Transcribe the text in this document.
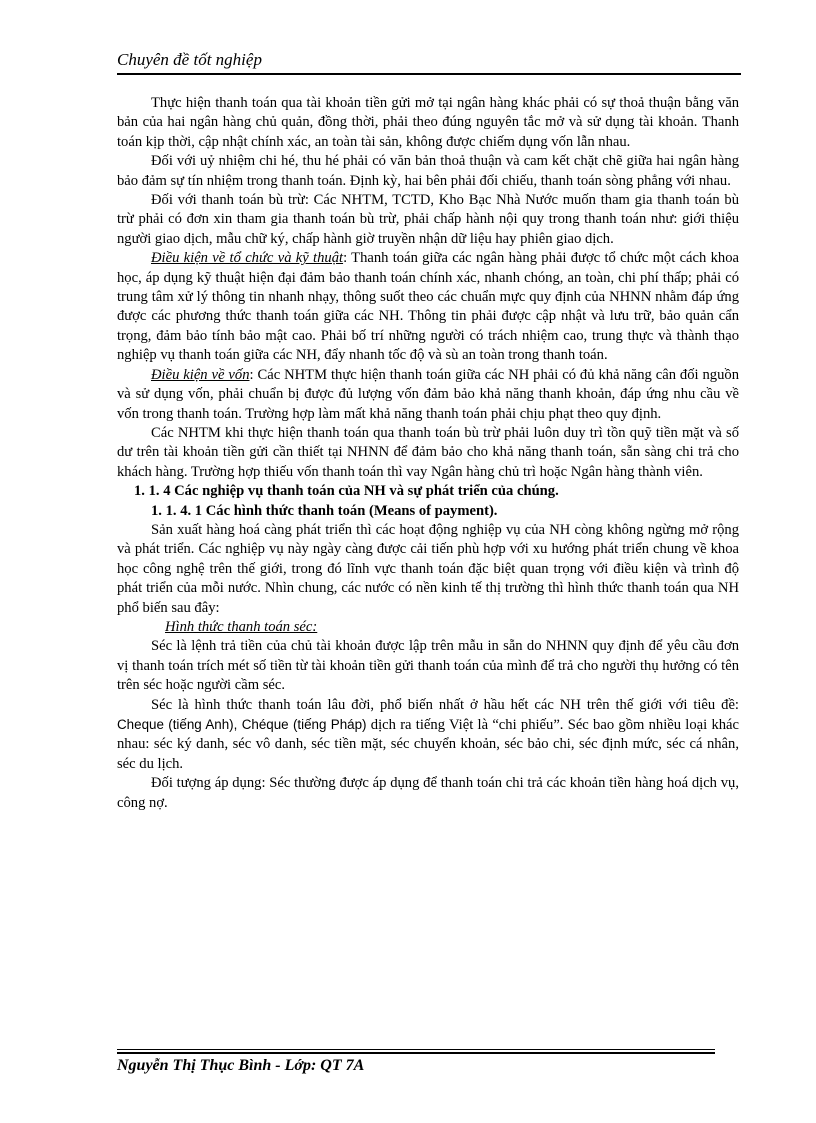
Chuyên đề tốt nghiệp

Thực hiện thanh toán qua tài khoản tiền gửi mở tại ngân hàng khác phải có sự thoả thuận bằng văn bản của hai ngân hàng chủ quản, đồng thời, phải theo đúng nguyên tắc mở và sử dụng tài khoản. Thanh toán kịp thời, cập nhật chính xác, an toàn tài sản, không được chiếm dụng vốn lẫn nhau.

Đối với uỷ nhiệm chi hé, thu hé phải có văn bản thoả thuận và cam kết chặt chẽ giữa hai ngân hàng bảo đảm sự tín nhiệm trong thanh toán. Định kỳ, hai bên phải đối chiếu, thanh toán sòng phẳng với nhau.

Đối với thanh toán bù trừ: Các NHTM, TCTD, Kho Bạc Nhà Nước muốn tham gia thanh toán bù trừ phải có đơn xin tham gia thanh toán bù trừ, phải chấp hành nội quy trong thanh toán như: giới thiệu người giao dịch, mẫu chữ ký, chấp hành giờ truyền nhận dữ liệu hay phiên giao dịch.

Điều kiện về tổ chức và kỹ thuật: Thanh toán giữa các ngân hàng phải được tổ chức một cách khoa học, áp dụng kỹ thuật hiện đại đảm bảo thanh toán chính xác, nhanh chóng, an toàn, chi phí thấp; phải có trung tâm xử lý thông tin nhanh nhạy, thông suốt theo các chuẩn mực quy định của NHNN nhằm đáp ứng được các phương thức thanh toán giữa các NH. Thông tin phải được cập nhật và lưu trữ, bảo quản cẩn trọng, đảm bảo tính bảo mật cao. Phải bố trí những người có trách nhiệm cao, trung thực và thành thạo nghiệp vụ thanh toán giữa các NH, đẩy nhanh tốc độ và sù an toàn trong thanh toán.

Điều kiện về vốn: Các NHTM thực hiện thanh toán giữa các NH phải có đủ khả năng cân đối nguồn và sử dụng vốn, phải chuẩn bị được đủ lượng vốn đảm bảo khả năng thanh khoản, đáp ứng nhu cầu về vốn trong thanh toán. Trường hợp làm mất khả năng thanh toán phải chịu phạt theo quy định.

Các NHTM khi thực hiện thanh toán qua thanh toán bù trừ phải luôn duy trì tồn quỹ tiền mặt và số dư trên tài khoản tiền gửi cần thiết tại NHNN để đảm bảo cho khả năng thanh toán, sẵn sàng chi trả cho khách hàng. Trường hợp thiếu vốn thanh toán thì vay Ngân hàng chủ trì hoặc Ngân hàng thành viên.

1. 1. 4 Các nghiệp vụ thanh toán của NH và sự phát triển của chúng.

1. 1. 4. 1 Các hình thức thanh toán (Means of payment).

Sản xuất hàng hoá càng phát triển thì các hoạt động nghiệp vụ của NH còng không ngừng mở rộng và phát triển. Các nghiệp vụ này ngày càng được cải tiến phù hợp với xu hướng phát triển chung về khoa học công nghệ trên thế giới, trong đó lĩnh vực thanh toán đặc biệt quan trọng với điều kiện và trình độ phát triển của mỗi nước. Nhìn chung, các nước có nền kinh tế thị trường thì hình thức thanh toán qua NH phổ biến sau đây:

Hình thức thanh toán séc:

Séc là lệnh trả tiền của chủ tài khoản được lập trên mẫu in sẵn do NHNN quy định để yêu cầu đơn vị thanh toán trích mét số tiền từ tài khoản tiền gửi thanh toán của mình để trả cho người thụ hưởng có tên trên séc hoặc người cầm séc.

Séc là hình thức thanh toán lâu đời, phổ biến nhất ở hầu hết các NH trên thế giới với tiêu đề: Cheque (tiếng Anh), Chéque (tiếng Pháp) dịch ra tiếng Việt là “chi phiếu”. Séc bao gồm nhiều loại khác nhau: séc ký danh, séc vô danh, séc tiền mặt, séc chuyển khoản, séc bảo chi, séc định mức, séc cá nhân, séc du lịch.

Đối tượng áp dụng: Séc thường được áp dụng để thanh toán chi trả các khoản tiền hàng hoá dịch vụ, công nợ.

Nguyễn Thị Thục Bình - Lớp: QT 7A
